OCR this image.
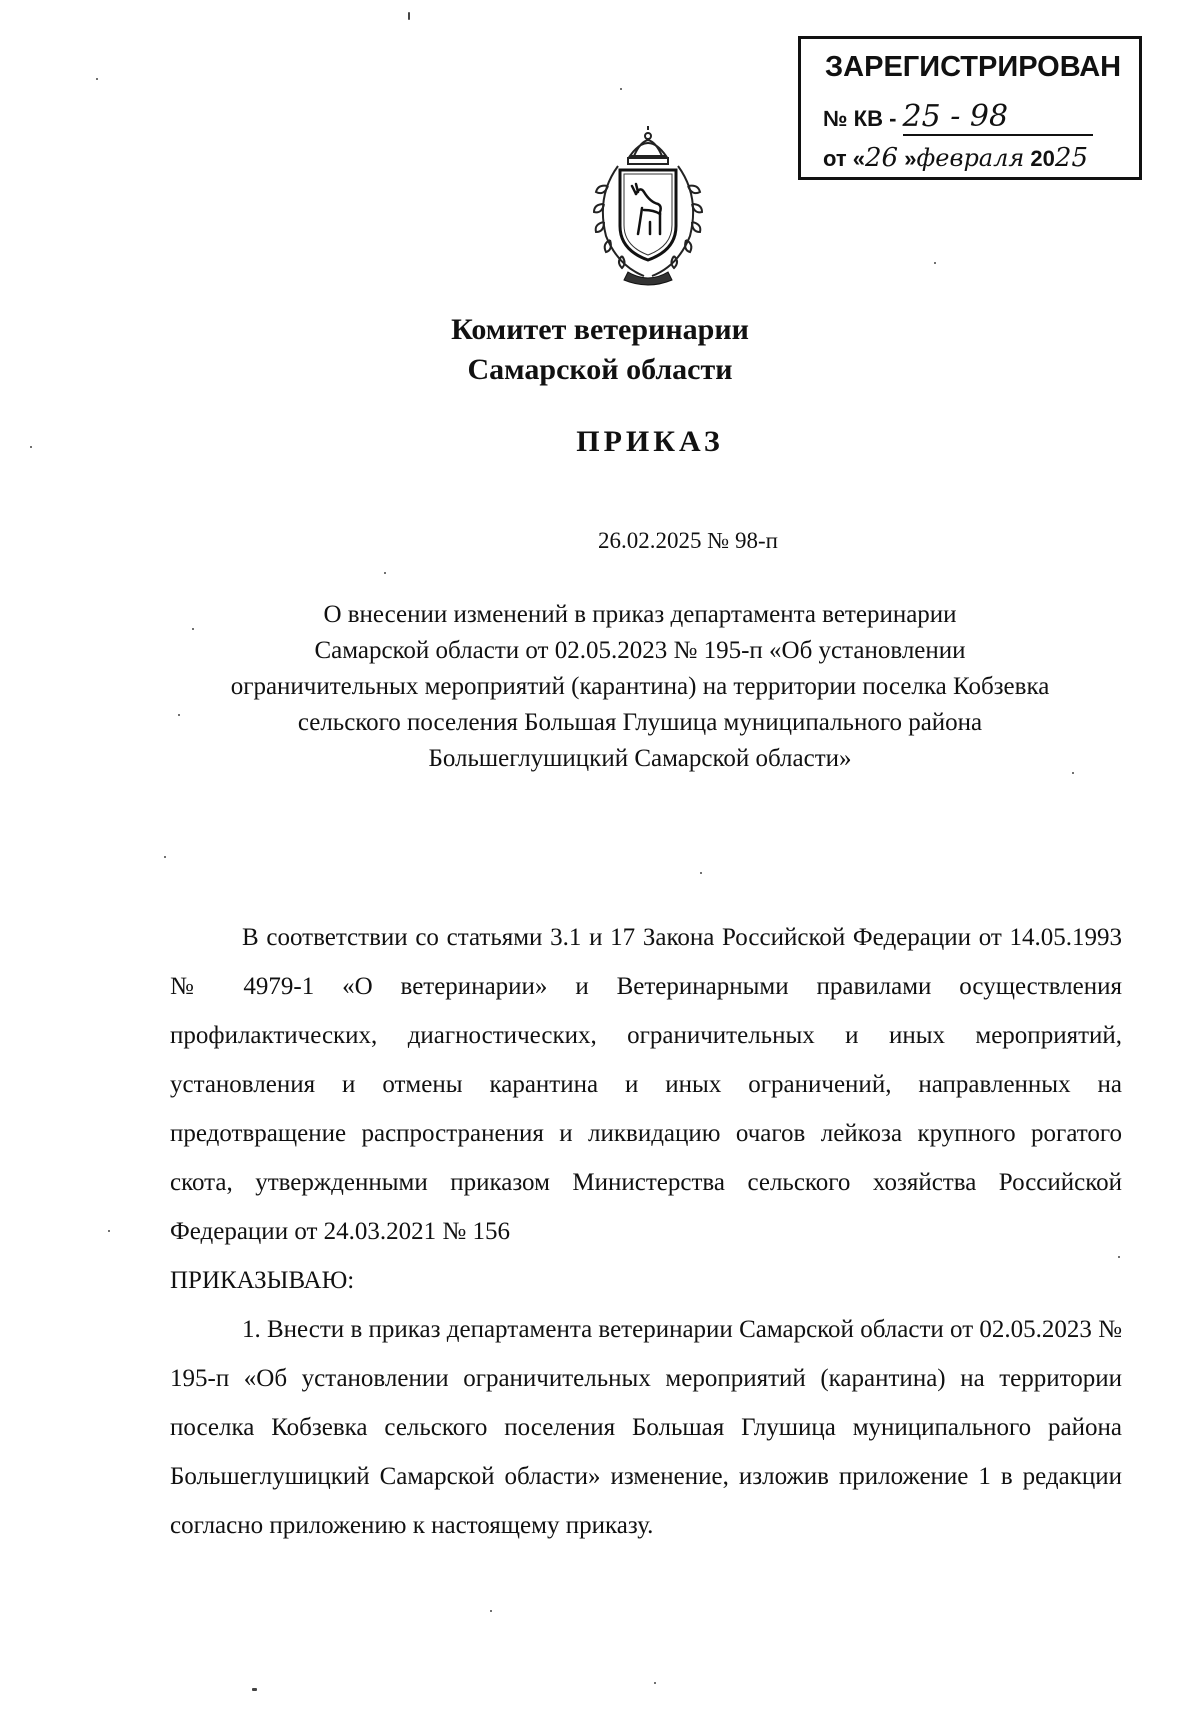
ЗАРЕГИСТРИРОВАН
№ КВ - 25 - 98
от «26 »февраля 2025
Комитет ветеринарии
Самарской области
ПРИКАЗ
26.02.2025 № 98-п
О внесении изменений в приказ департамента ветеринарии
Самарской области от 02.05.2023 № 195-п «Об установлении
ограничительных мероприятий (карантина) на территории поселка Кобзевка
сельского поселения Большая Глушица муниципального района
Большеглушицкий Самарской области»

В соответствии со статьями 3.1 и 17 Закона Российской Федерации от 14.05.1993 № 4979-1 «О ветеринарии» и Ветеринарными правилами осуществления профилактических, диагностических, ограничительных и иных мероприятий, установления и отмены карантина и иных ограничений, направленных на предотвращение распространения и ликвидацию очагов лейкоза крупного рогатого скота, утвержденными приказом Министерства сельского хозяйства Российской Федерации от 24.03.2021 № 156

ПРИКАЗЫВАЮ:

1. Внести в приказ департамента ветеринарии Самарской области от 02.05.2023 № 195-п «Об установлении ограничительных мероприятий (карантина) на территории поселка Кобзевка сельского поселения Большая Глушица муниципального района Большеглушицкий Самарской области» изменение, изложив приложение 1 в редакции согласно приложению к настоящему приказу.
